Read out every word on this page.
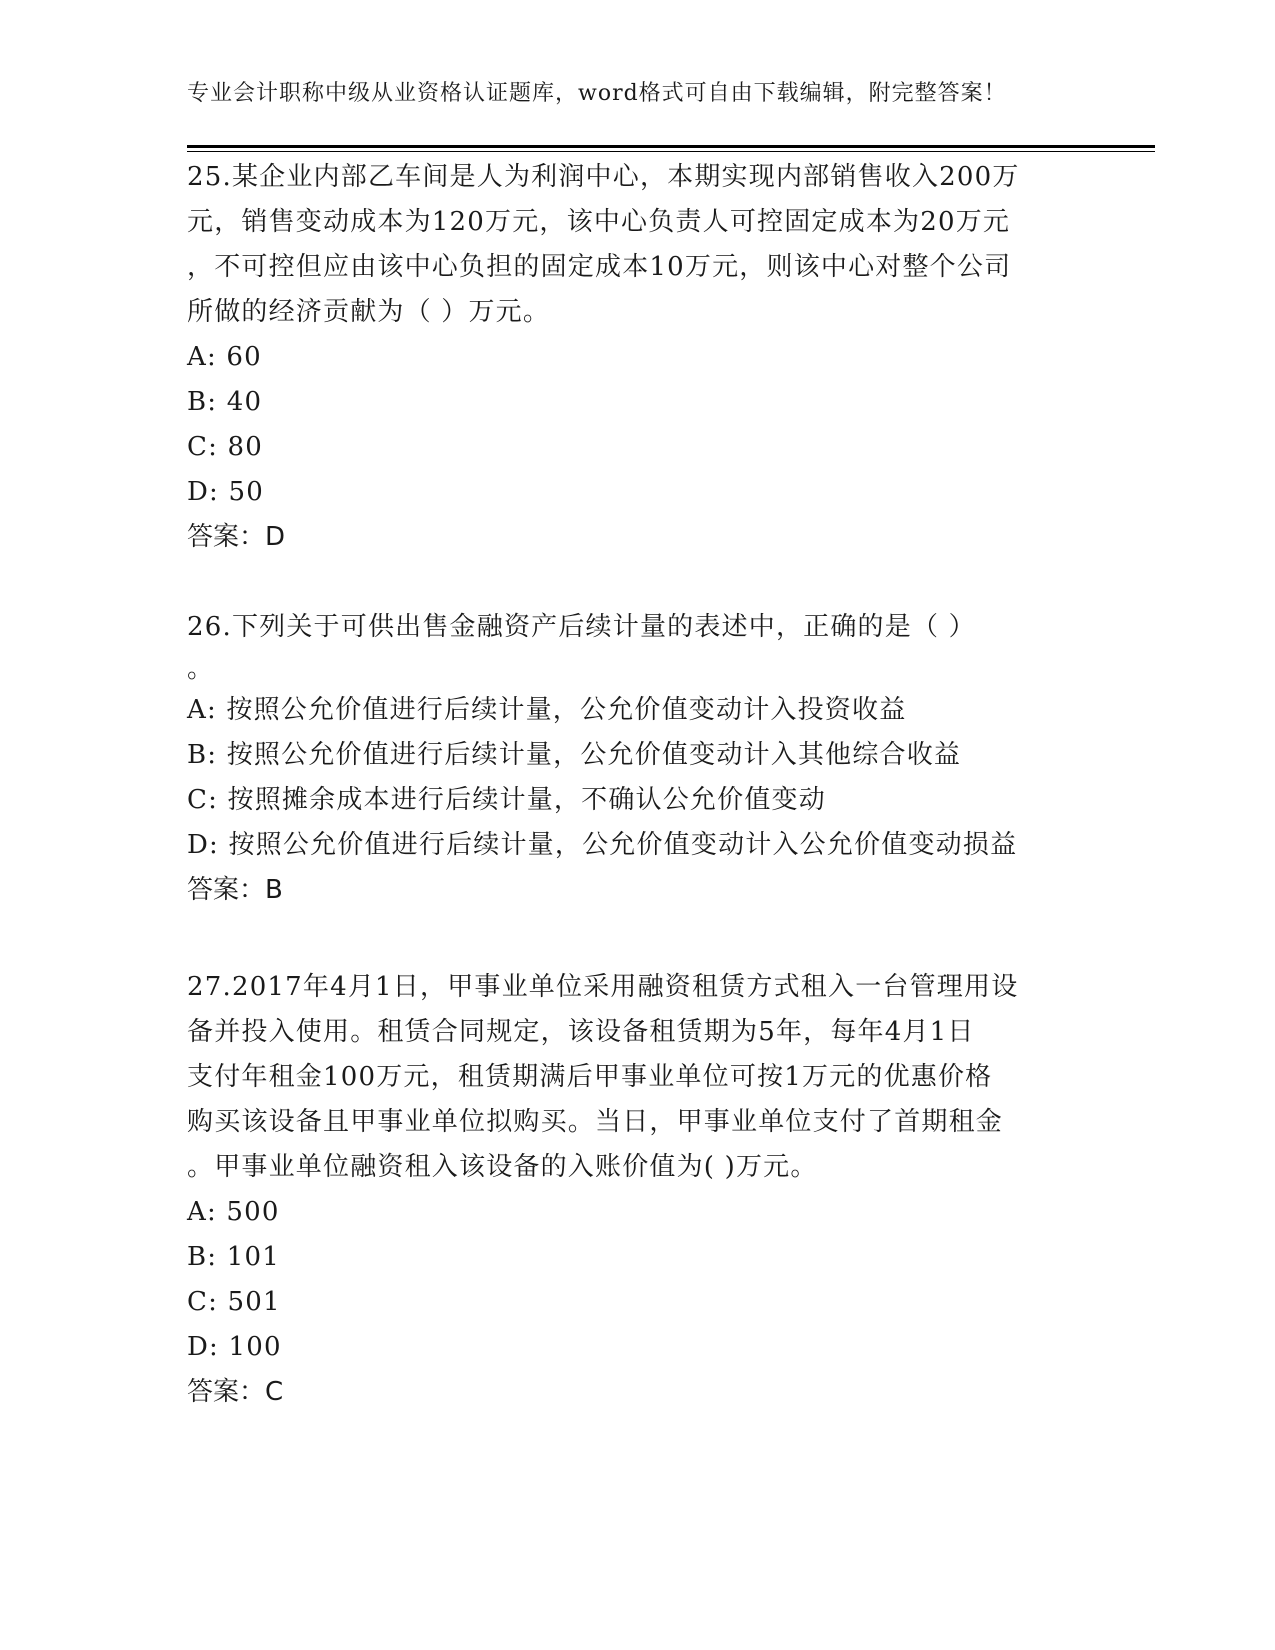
专业会计职称中级从业资格认证题库，word格式可自由下载编辑，附完整答案！
25.某企业内部乙车间是人为利润中心，本期实现内部销售收入200万
元，销售变动成本为120万元，该中心负责人可控固定成本为20万元
，不可控但应由该中心负担的固定成本10万元，则该中心对整个公司
所做的经济贡献为（ ）万元。
A: 60
B: 40
C: 80
D: 50
答案：D
26.下列关于可供出售金融资产后续计量的表述中，正确的是（ ）
。
A: 按照公允价值进行后续计量，公允价值变动计入投资收益
B: 按照公允价值进行后续计量，公允价值变动计入其他综合收益
C: 按照摊余成本进行后续计量，不确认公允价值变动
D: 按照公允价值进行后续计量，公允价值变动计入公允价值变动损益
答案：B
27.2017年4月1日，甲事业单位采用融资租赁方式租入一台管理用设
备并投入使用。租赁合同规定，该设备租赁期为5年，每年4月1日
支付年租金100万元，租赁期满后甲事业单位可按1万元的优惠价格
购买该设备且甲事业单位拟购买。当日，甲事业单位支付了首期租金
。甲事业单位融资租入该设备的入账价值为( )万元。
A: 500
B: 101
C: 501
D: 100
答案：C
